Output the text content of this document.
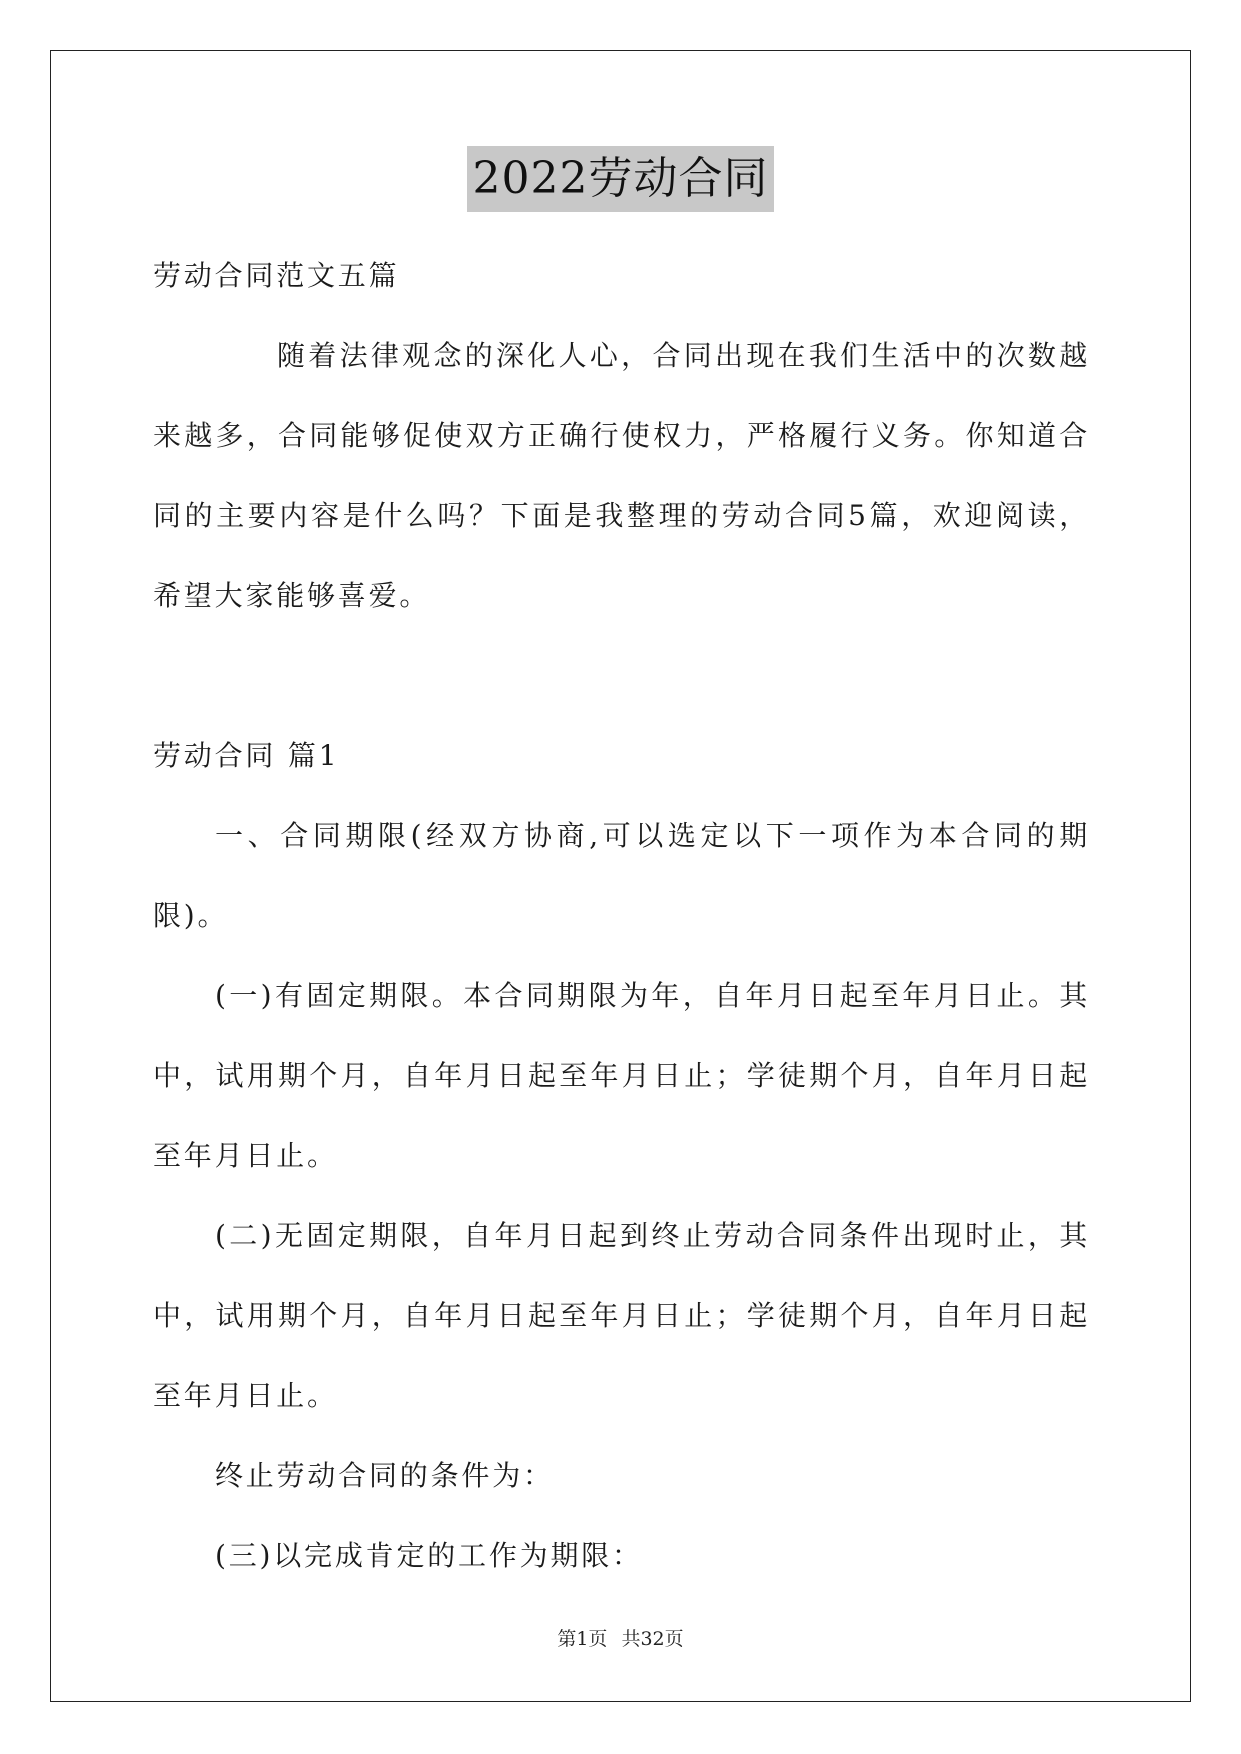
2022劳动合同

劳动合同范文五篇

随着法律观念的深化人心，合同出现在我们生活中的次数越来越多，合同能够促使双方正确行使权力，严格履行义务。你知道合同的主要内容是什么吗？下面是我整理的劳动合同5篇，欢迎阅读，希望大家能够喜爱。

劳动合同 篇1

一、合同期限(经双方协商,可以选定以下一项作为本合同的期限)。

(一)有固定期限。本合同期限为年，自年月日起至年月日止。其中，试用期个月，自年月日起至年月日止；学徒期个月，自年月日起至年月日止。

(二)无固定期限，自年月日起到终止劳动合同条件出现时止，其中，试用期个月，自年月日起至年月日止；学徒期个月，自年月日起至年月日止。

终止劳动合同的条件为：

(三)以完成肯定的工作为期限：

第1页 共32页
